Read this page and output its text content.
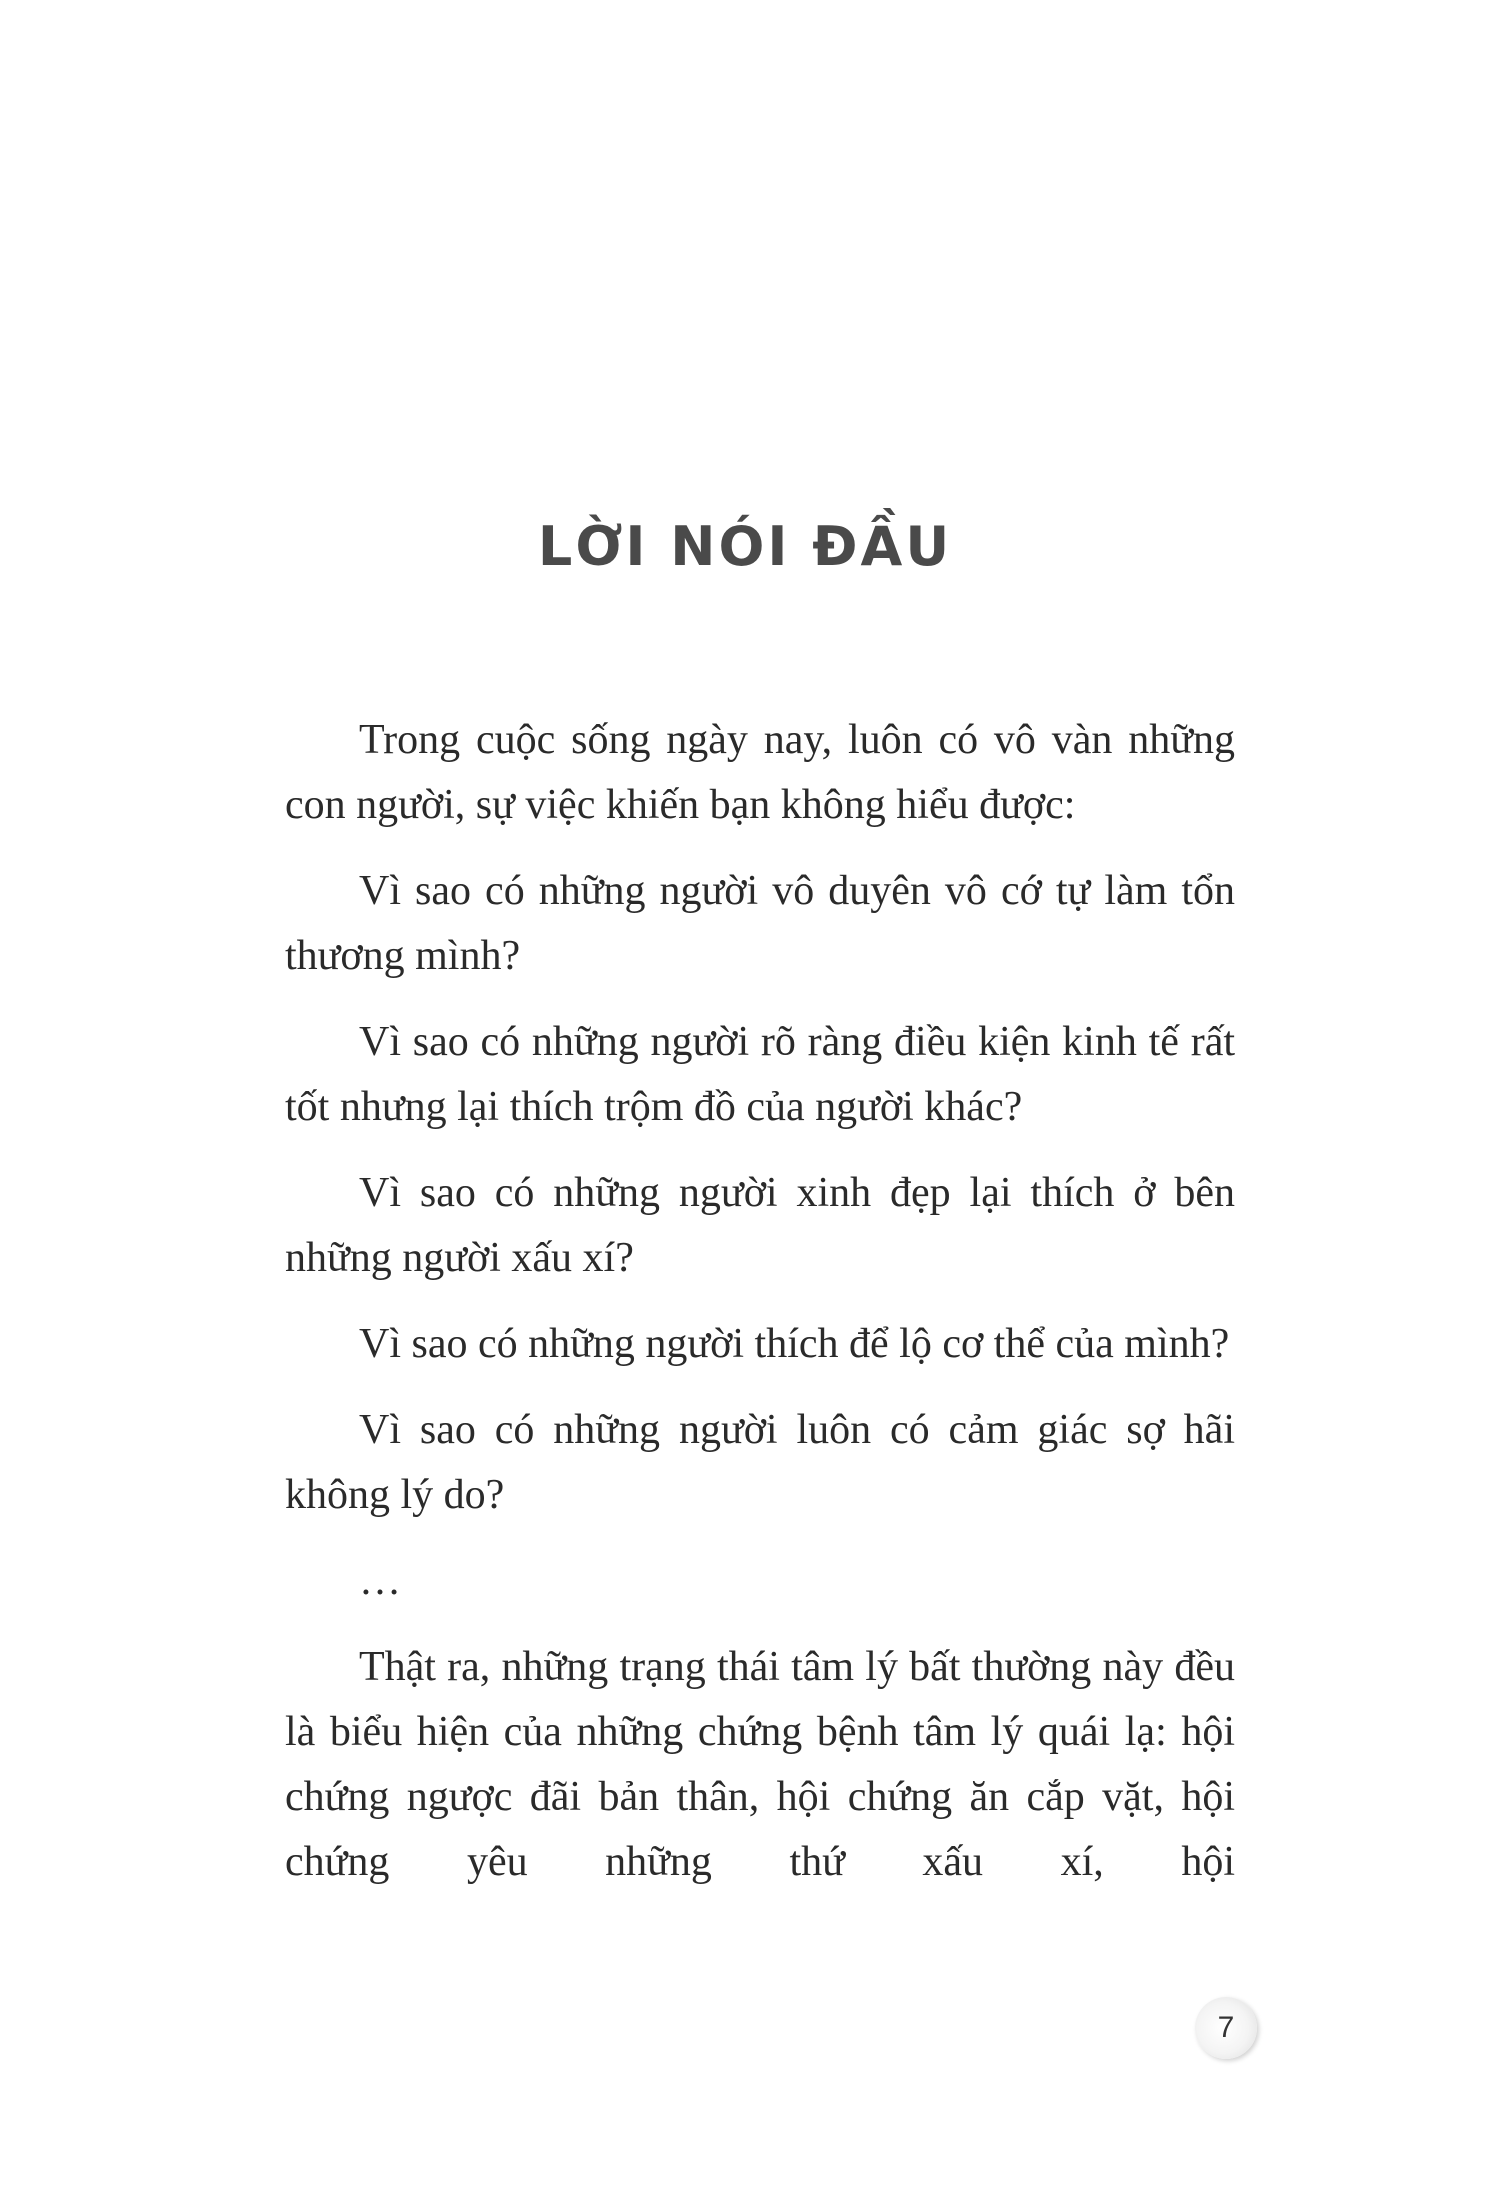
LỜI NÓI ĐẦU

Trong cuộc sống ngày nay, luôn có vô vàn những con người, sự việc khiến bạn không hiểu được:

Vì sao có những người vô duyên vô cớ tự làm tổn thương mình?

Vì sao có những người rõ ràng điều kiện kinh tế rất tốt nhưng lại thích trộm đồ của người khác?

Vì sao có những người xinh đẹp lại thích ở bên những người xấu xí?

Vì sao có những người thích để lộ cơ thể của mình?

Vì sao có những người luôn có cảm giác sợ hãi không lý do?

…

Thật ra, những trạng thái tâm lý bất thường này đều là biểu hiện của những chứng bệnh tâm lý quái lạ: hội chứng ngược đãi bản thân, hội chứng ăn cắp vặt, hội chứng yêu những thứ xấu xí, hội

7
